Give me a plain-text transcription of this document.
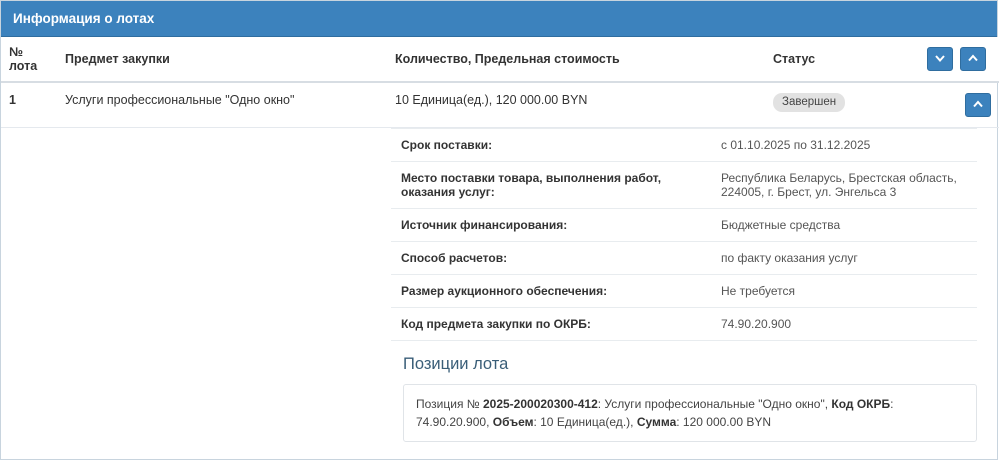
Информация о лотах
№ лота	Предмет закупки	Количество, Предельная стоимость	Статус	

1	Услуги профессиональные "Одно окно"	10 Единица(ед.), 120 000.00 BYN	Завершен	

Срок поставки:	с 01.10.2025 по 31.12.2025
Место поставки товара, выполнения работ, оказания услуг:	Республика Беларусь, Брестская область, 224005, г. Брест, ул. Энгельса 3
Источник финансирования:	Бюджетные средства
Способ расчетов:	по факту оказания услуг
Размер аукционного обеспечения:	Не требуется
Код предмета закупки по ОКРБ:	74.90.20.900
Позиции лота
Позиция № 2025-200020300-412: Услуги профессиональные "Одно окно", Код ОКРБ: 74.90.20.900, Объем: 10 Единица(ед.), Сумма: 120 000.00 BYN
